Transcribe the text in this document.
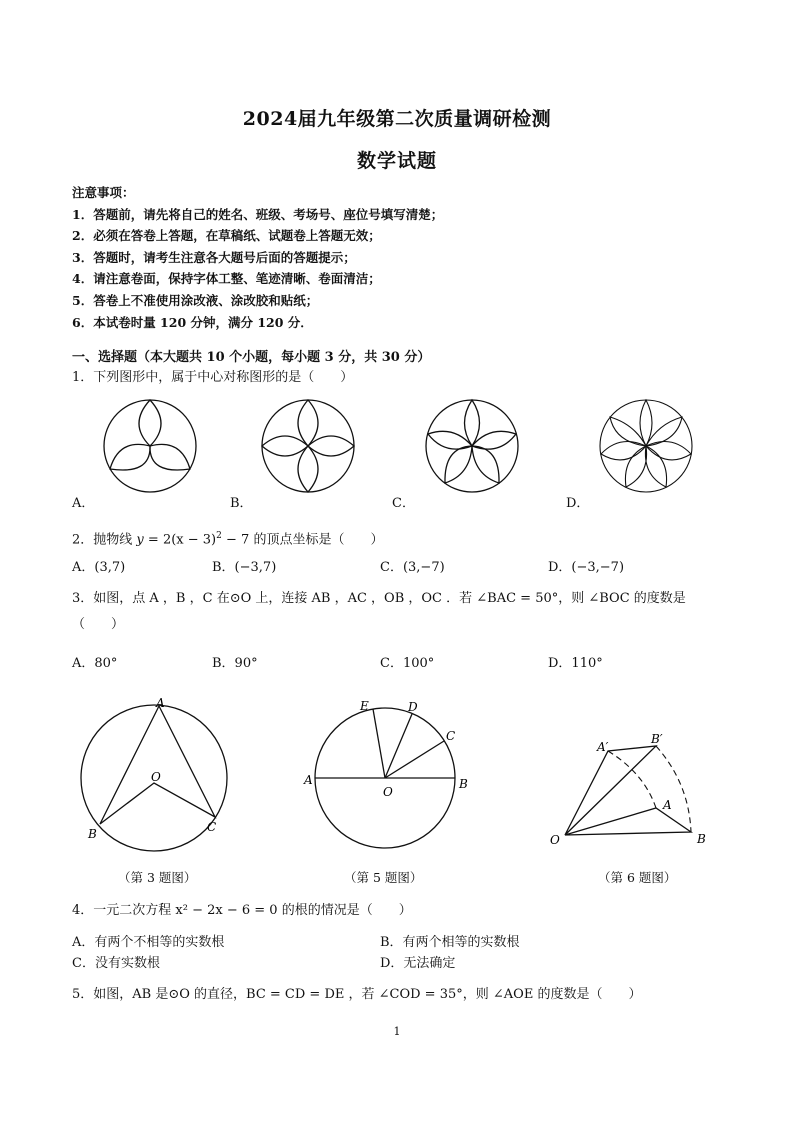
2024届九年级第二次质量调研检测
数学试题
注意事项：
1．答题前，请先将自己的姓名、班级、考场号、座位号填写清楚；
2．必须在答卷上答题，在草稿纸、试题卷上答题无效；
3．答题时，请考生注意各大题号后面的答题提示；
4．请注意卷面，保持字体工整、笔迹清晰、卷面清洁；
5．答卷上不准使用涂改液、涂改胶和贴纸；
6．本试卷时量 120 分钟，满分 120 分．
一、选择题（本大题共 10 个小题，每小题 3 分，共 30 分）
1．下列图形中，属于中心对称图形的是（　　）
A．	B．	C．	D．
2．抛物线 $y = 2(x - 3)^2 - 7$ 的顶点坐标是（　　）
A．(3,7)	B．(−3,7)	C．(3,−7)	D．(−3,−7)
3．如图，点 A ，B ，C 在⊙O 上，连接 AB ，AC ，OB ，OC ．若 ∠BAC = 50°，则 ∠BOC 的度数是
（　　）
A．80°	B．90°	C．100°	D．110°
A
B	C
O
（第 3 题图）
A	B
C
D
E
O
（第 5 题图）
O
A
B
A′
B′
（第 6 题图）
4．一元二次方程 x² − 2x − 6 = 0 的根的情况是（　　）
A．有两个不相等的实数根	B．有两个相等的实数根
C．没有实数根	D．无法确定
5．如图，AB 是⊙O 的直径，BC = CD = DE ，若 ∠COD = 35°，则 ∠AOE 的度数是（　　）
1
